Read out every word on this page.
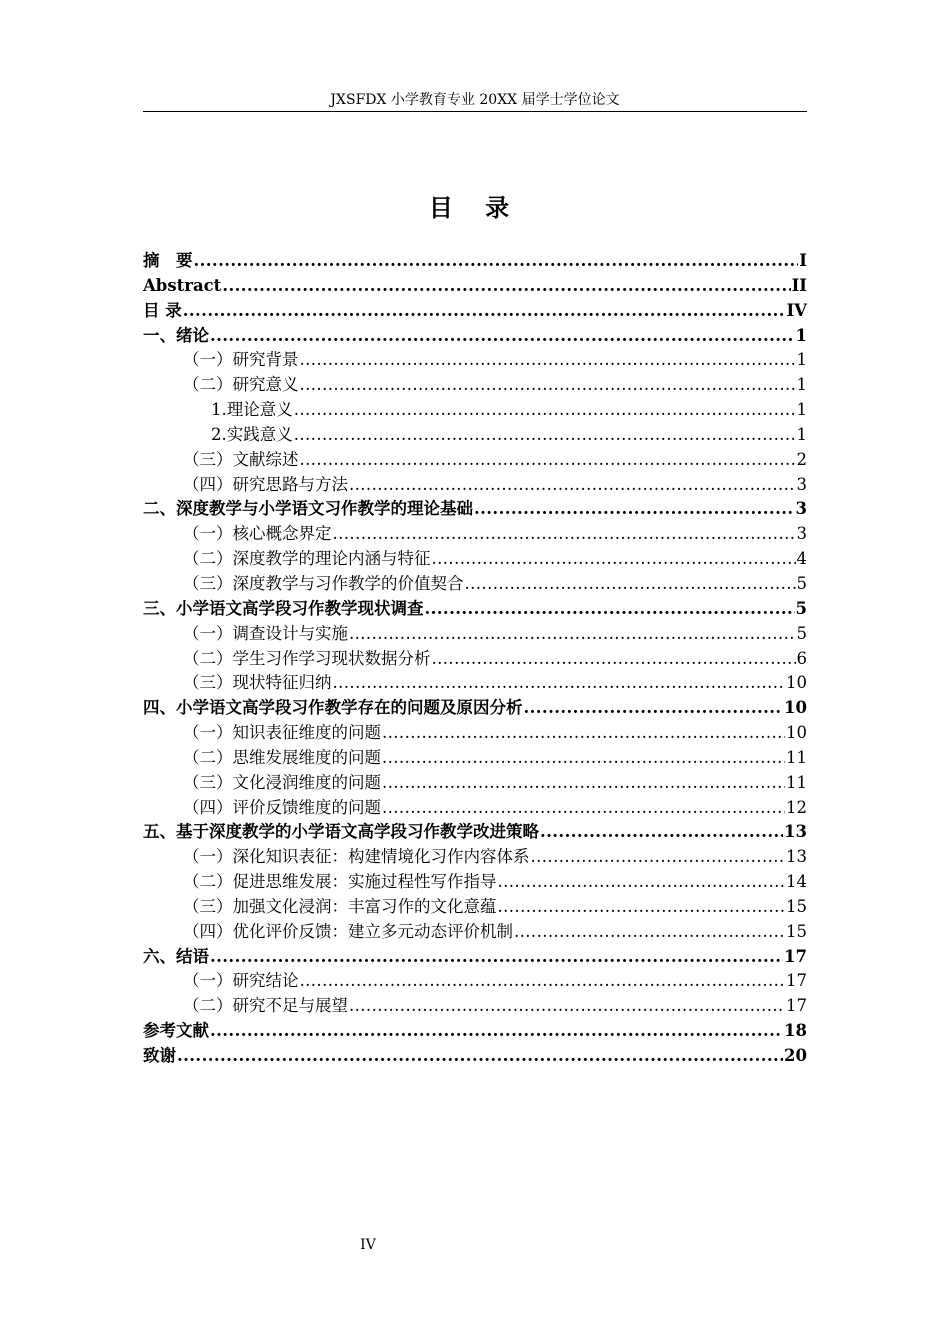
JXSFDX 小学教育专业 20XX 届学士学位论文
目 录
摘　要 .....	I
Abstract .....	II
目 录 .....	IV
一、绪论 .....	1
（一）研究背景 .....	1
（二）研究意义 .....	1
1.理论意义 .....	1
2.实践意义 .....	1
（三）文献综述 .....	2
（四）研究思路与方法 .....	3
二、深度教学与小学语文习作教学的理论基础 .....	3
（一）核心概念界定 .....	3
（二）深度教学的理论内涵与特征 .....	4
（三）深度教学与习作教学的价值契合 .....	5
三、小学语文高学段习作教学现状调查 .....	5
（一）调查设计与实施 .....	5
（二）学生习作学习现状数据分析 .....	6
（三）现状特征归纳 .....	10
四、小学语文高学段习作教学存在的问题及原因分析 .....	10
（一）知识表征维度的问题 .....	10
（二）思维发展维度的问题 .....	11
（三）文化浸润维度的问题 .....	11
（四）评价反馈维度的问题 .....	12
五、基于深度教学的小学语文高学段习作教学改进策略 .....	13
（一）深化知识表征：构建情境化习作内容体系 .....	13
（二）促进思维发展：实施过程性写作指导 .....	14
（三）加强文化浸润：丰富习作的文化意蕴 .....	15
（四）优化评价反馈：建立多元动态评价机制 .....	15
六、结语 .....	17
（一）研究结论 .....	17
（二）研究不足与展望 .....	17
参考文献 .....	18
致谢 .....	20
IV
